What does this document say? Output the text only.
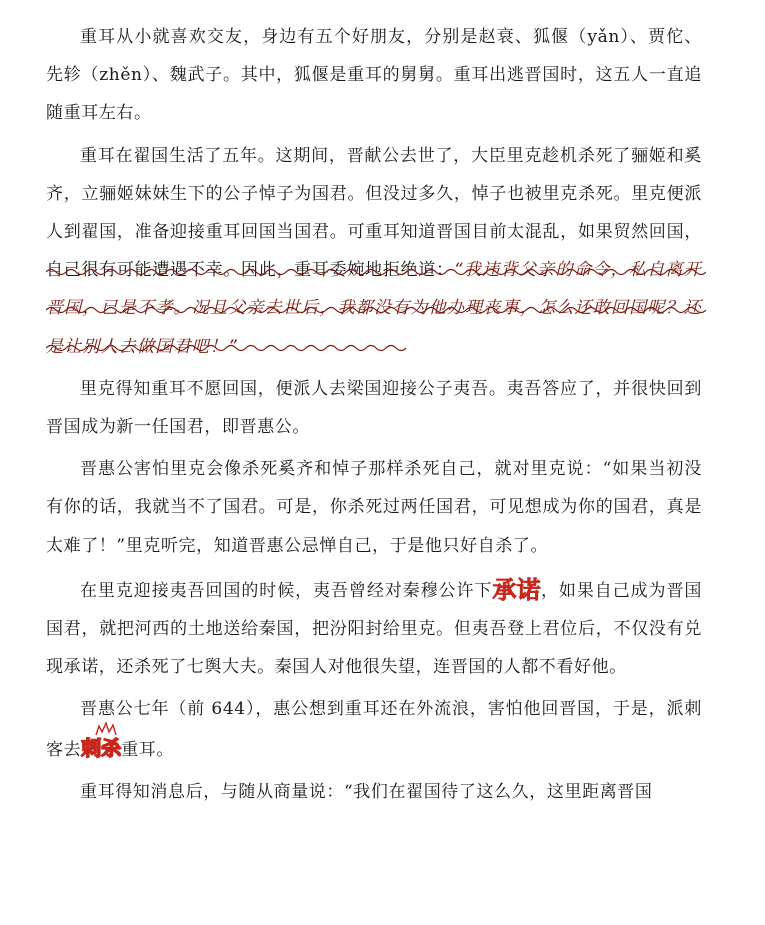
重耳从小就喜欢交友，身边有五个好朋友，分别是赵衰、狐偃（yǎn）、贾佗、先轸（zhěn）、魏武子。其中，狐偃是重耳的舅舅。重耳出逃晋国时，这五人一直追随重耳左右。

重耳在翟国生活了五年。这期间，晋献公去世了，大臣里克趁机杀死了骊姬和奚齐，立骊姬妹妹生下的公子悼子为国君。但没过多久，悼子也被里克杀死。里克便派人到翟国，准备迎接重耳回国当国君。可重耳知道晋国目前太混乱，如果贸然回国，自己很有可能遭遇不幸。因此，重耳委婉地拒绝道：“我违背父亲的命令，私自离开晋国，已是不孝。况且父亲去世后，我都没有为他办理丧事，怎么还敢回国呢？还是让别人去做国君吧！”

里克得知重耳不愿回国，便派人去梁国迎接公子夷吾。夷吾答应了，并很快回到晋国成为新一任国君，即晋惠公。

晋惠公害怕里克会像杀死奚齐和悼子那样杀死自己，就对里克说：“如果当初没有你的话，我就当不了国君。可是，你杀死过两任国君，可见想成为你的国君，真是太难了！”里克听完，知道晋惠公忌惮自己，于是他只好自杀了。

在里克迎接夷吾回国的时候，夷吾曾经对秦穆公许下承诺，如果自己成为晋国国君，就把河西的土地送给秦国，把汾阳封给里克。但夷吾登上君位后，不仅没有兑现承诺，还杀死了七舆大夫。秦国人对他很失望，连晋国的人都不看好他。

晋惠公七年（前 644），惠公想到重耳还在外流浪，害怕他回晋国，于是，派刺客去
刺杀重耳。

重耳得知消息后，与随从商量说：“我们在翟国待了这么久，这里距离晋国
